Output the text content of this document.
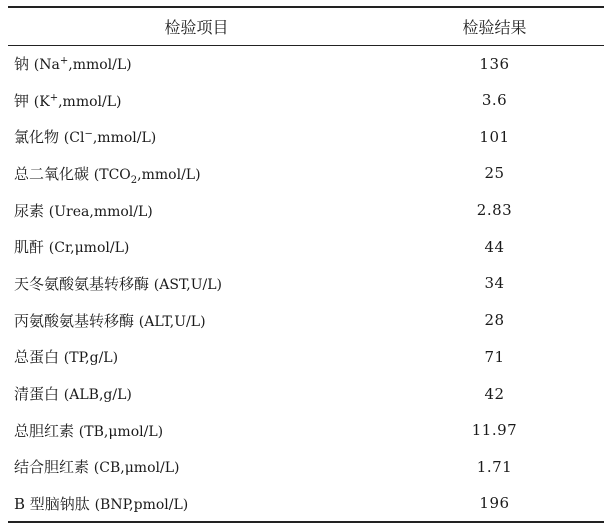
检验项目	检验结果
钠 (Na+,mmol/L)	136
钾 (K+,mmol/L)	3.6
氯化物 (Cl−,mmol/L)	101
总二氧化碳 $(TCO_2,mmol/L)$	25
尿素 (Urea,mmol/L)	2.83
肌酐 (Cr,μmol/L)	44
天冬氨酸氨基转移酶 (AST,U/L)	34
丙氨酸氨基转移酶 (ALT,U/L)	28
总蛋白 (TP,g/L)	71
清蛋白 (ALB,g/L)	42
总胆红素 (TB,μmol/L)	11.97
结合胆红素 (CB,μmol/L)	1.71
B 型脑钠肽 (BNP,pmol/L)	196
